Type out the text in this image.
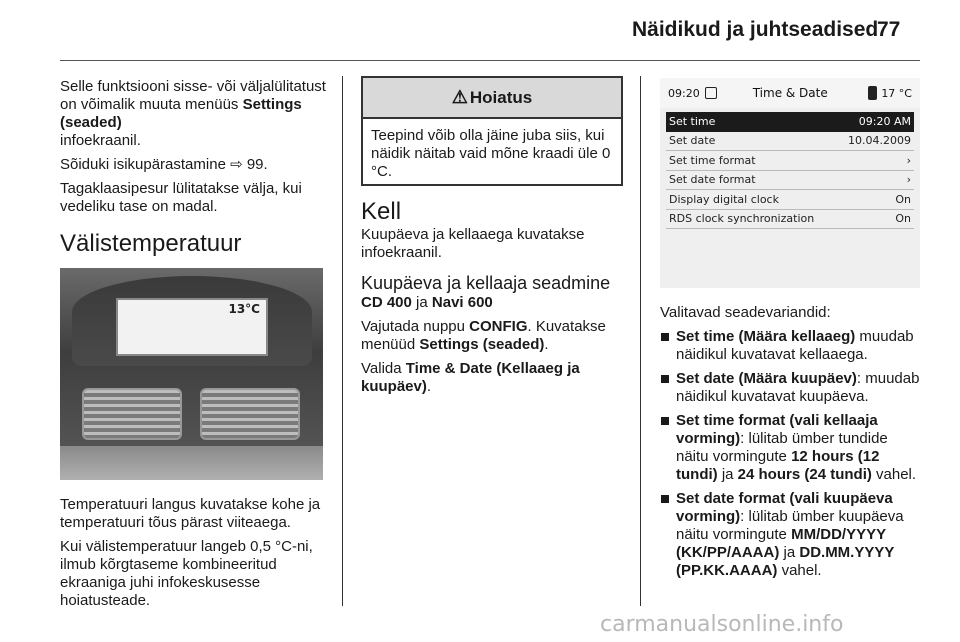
Näidikud ja juhtseadised
77

Selle funktsiooni sisse- või väljalülitatust on võimalik muuta menüüs Settings (seaded)
infoekraanil.

Sõiduki isikupärastamine ⇨ 99.

Tagaklaasipesur lülitatakse välja, kui vedeliku tase on madal.

Välistemperatuur
13°C

Temperatuuri langus kuvatakse kohe ja temperatuuri tõus pärast viiteaega.

Kui välistemperatuur langeb 0,5 °C-ni, ilmub kõrgtaseme kombineeritud ekraaniga juhi infokeskusesse hoiatusteade.

⚠ Hoiatus
Teepind võib olla jäine juba siis, kui näidik näitab vaid mõne kraadi üle 0 °C.
Kell

Kuupäeva ja kellaaega kuvatakse infoekraanil.

Kuupäeva ja kellaaja seadmine

CD 400 ja Navi 600

Vajutada nuppu CONFIG. Kuvatakse menüüd Settings (seaded).

Valida Time & Date (Kellaaeg ja kuupäev).

09:20	Time & Date	17 °C
Set time	09:20 AM
Set date	10.04.2009
Set time format	›
Set date format	›
Display digital clock	On
RDS clock synchronization	On

Valitavad seadevariandid:

Set time (Määra kellaaeg) muudab näidikul kuvatavat kellaaega.
Set date (Määra kuupäev): muudab näidikul kuvatavat kuupäeva.
Set time format (vali kellaaja vorming): lülitab ümber tundide näitu vormingute 12 hours (12 tundi) ja 24 hours (24 tundi) vahel.
Set date format (vali kuupäeva vorming): lülitab ümber kuupäeva näitu vormingute MM/DD/YYYY (KK/PP/AAAA) ja DD.MM.YYYY (PP.KK.AAAA) vahel.
carmanualsonline.info
